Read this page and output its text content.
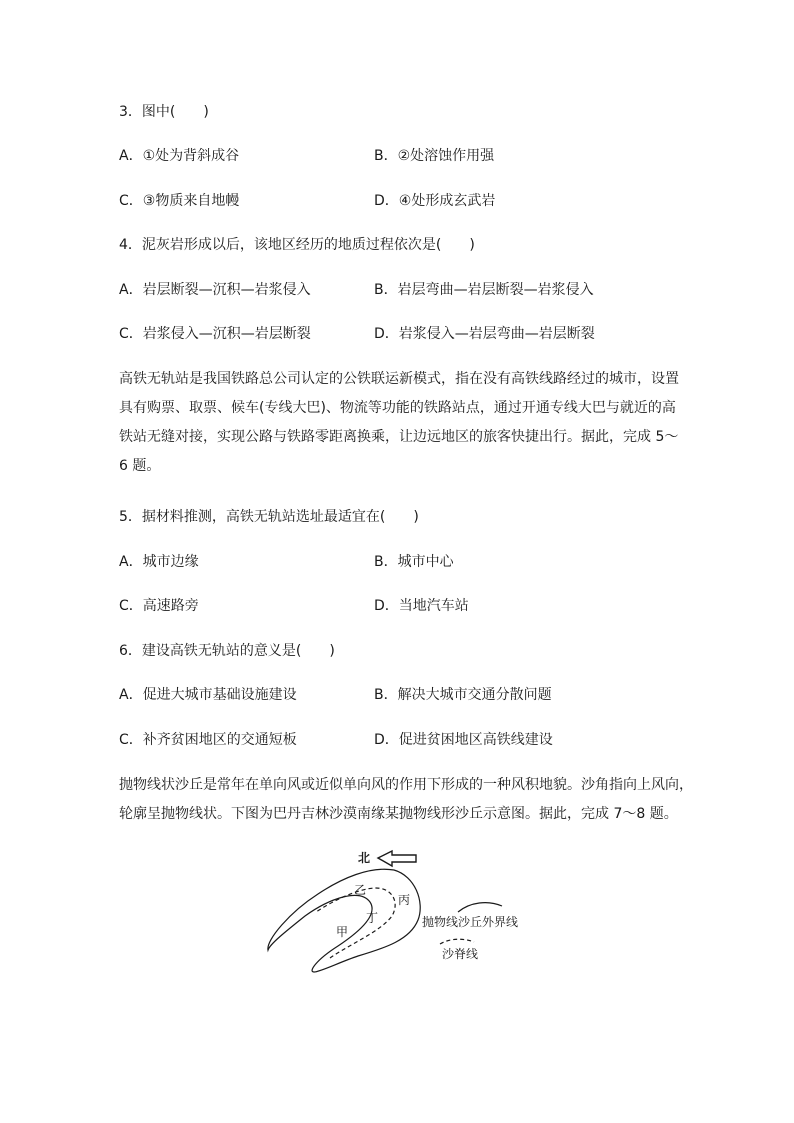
3．图中(　　)
A．①处为背斜成谷	B．②处溶蚀作用强
C．③物质来自地幔	D．④处形成玄武岩
4．泥灰岩形成以后，该地区经历的地质过程依次是(　　)
A．岩层断裂—沉积—岩浆侵入	B．岩层弯曲—岩层断裂—岩浆侵入
C．岩浆侵入—沉积—岩层断裂	D．岩浆侵入—岩层弯曲—岩层断裂
高铁无轨站是我国铁路总公司认定的公铁联运新模式，指在没有高铁线路经过的城市，设置
具有购票、取票、候车(专线大巴)、物流等功能的铁路站点，通过开通专线大巴与就近的高
铁站无缝对接，实现公路与铁路零距离换乘，让边远地区的旅客快捷出行。据此，完成 5～
6 题。
5．据材料推测，高铁无轨站选址最适宜在(　　)
A．城市边缘	B．城市中心
C．高速路旁	D．当地汽车站
6．建设高铁无轨站的意义是(　　)
A．促进大城市基础设施建设	B．解决大城市交通分散问题
C．补齐贫困地区的交通短板	D．促进贫困地区高铁线建设
抛物线状沙丘是常年在单向风或近似单向风的作用下形成的一种风积地貌。沙角指向上风向，
轮廓呈抛物线状。下图为巴丹吉林沙漠南缘某抛物线形沙丘示意图。据此，完成 7～8 题。
北
甲
乙
丙
丁	抛物线沙丘外界线
沙脊线
